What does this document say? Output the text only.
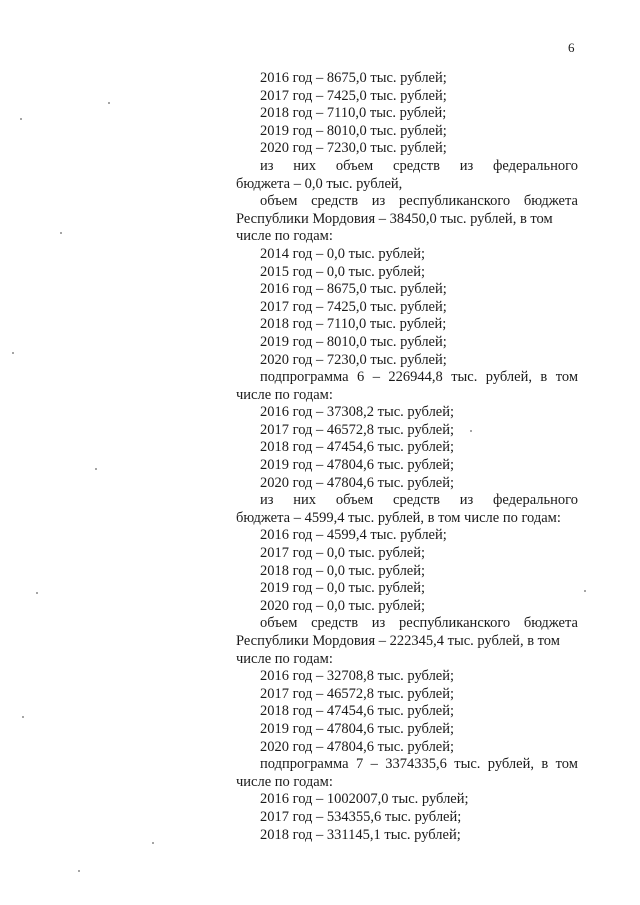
6
2016 год – 8675,0 тыс. рублей;
2017 год – 7425,0 тыс. рублей;
2018 год – 7110,0 тыс. рублей;
2019 год – 8010,0 тыс. рублей;
2020 год – 7230,0 тыс. рублей;
из них объем средств из федерального
бюджета – 0,0 тыс. рублей,
объем средств из республиканского бюджета
Республики Мордовия – 38450,0 тыс. рублей, в том
числе по годам:
2014 год – 0,0 тыс. рублей;
2015 год – 0,0 тыс. рублей;
2016 год – 8675,0 тыс. рублей;
2017 год – 7425,0 тыс. рублей;
2018 год – 7110,0 тыс. рублей;
2019 год – 8010,0 тыс. рублей;
2020 год – 7230,0 тыс. рублей;
подпрограмма 6 – 226944,8 тыс. рублей, в том
числе по годам:
2016 год – 37308,2 тыс. рублей;
2017 год – 46572,8 тыс. рублей;
2018 год – 47454,6 тыс. рублей;
2019 год – 47804,6 тыс. рублей;
2020 год – 47804,6 тыс. рублей;
из них объем средств из федерального
бюджета – 4599,4 тыс. рублей, в том числе по годам:
2016 год – 4599,4 тыс. рублей;
2017 год – 0,0 тыс. рублей;
2018 год – 0,0 тыс. рублей;
2019 год – 0,0 тыс. рублей;
2020 год – 0,0 тыс. рублей;
объем средств из республиканского бюджета
Республики Мордовия – 222345,4 тыс. рублей, в том
числе по годам:
2016 год – 32708,8 тыс. рублей;
2017 год – 46572,8 тыс. рублей;
2018 год – 47454,6 тыс. рублей;
2019 год – 47804,6 тыс. рублей;
2020 год – 47804,6 тыс. рублей;
подпрограмма 7 – 3374335,6 тыс. рублей, в том
числе по годам:
2016 год – 1002007,0 тыс. рублей;
2017 год – 534355,6 тыс. рублей;
2018 год – 331145,1 тыс. рублей;
